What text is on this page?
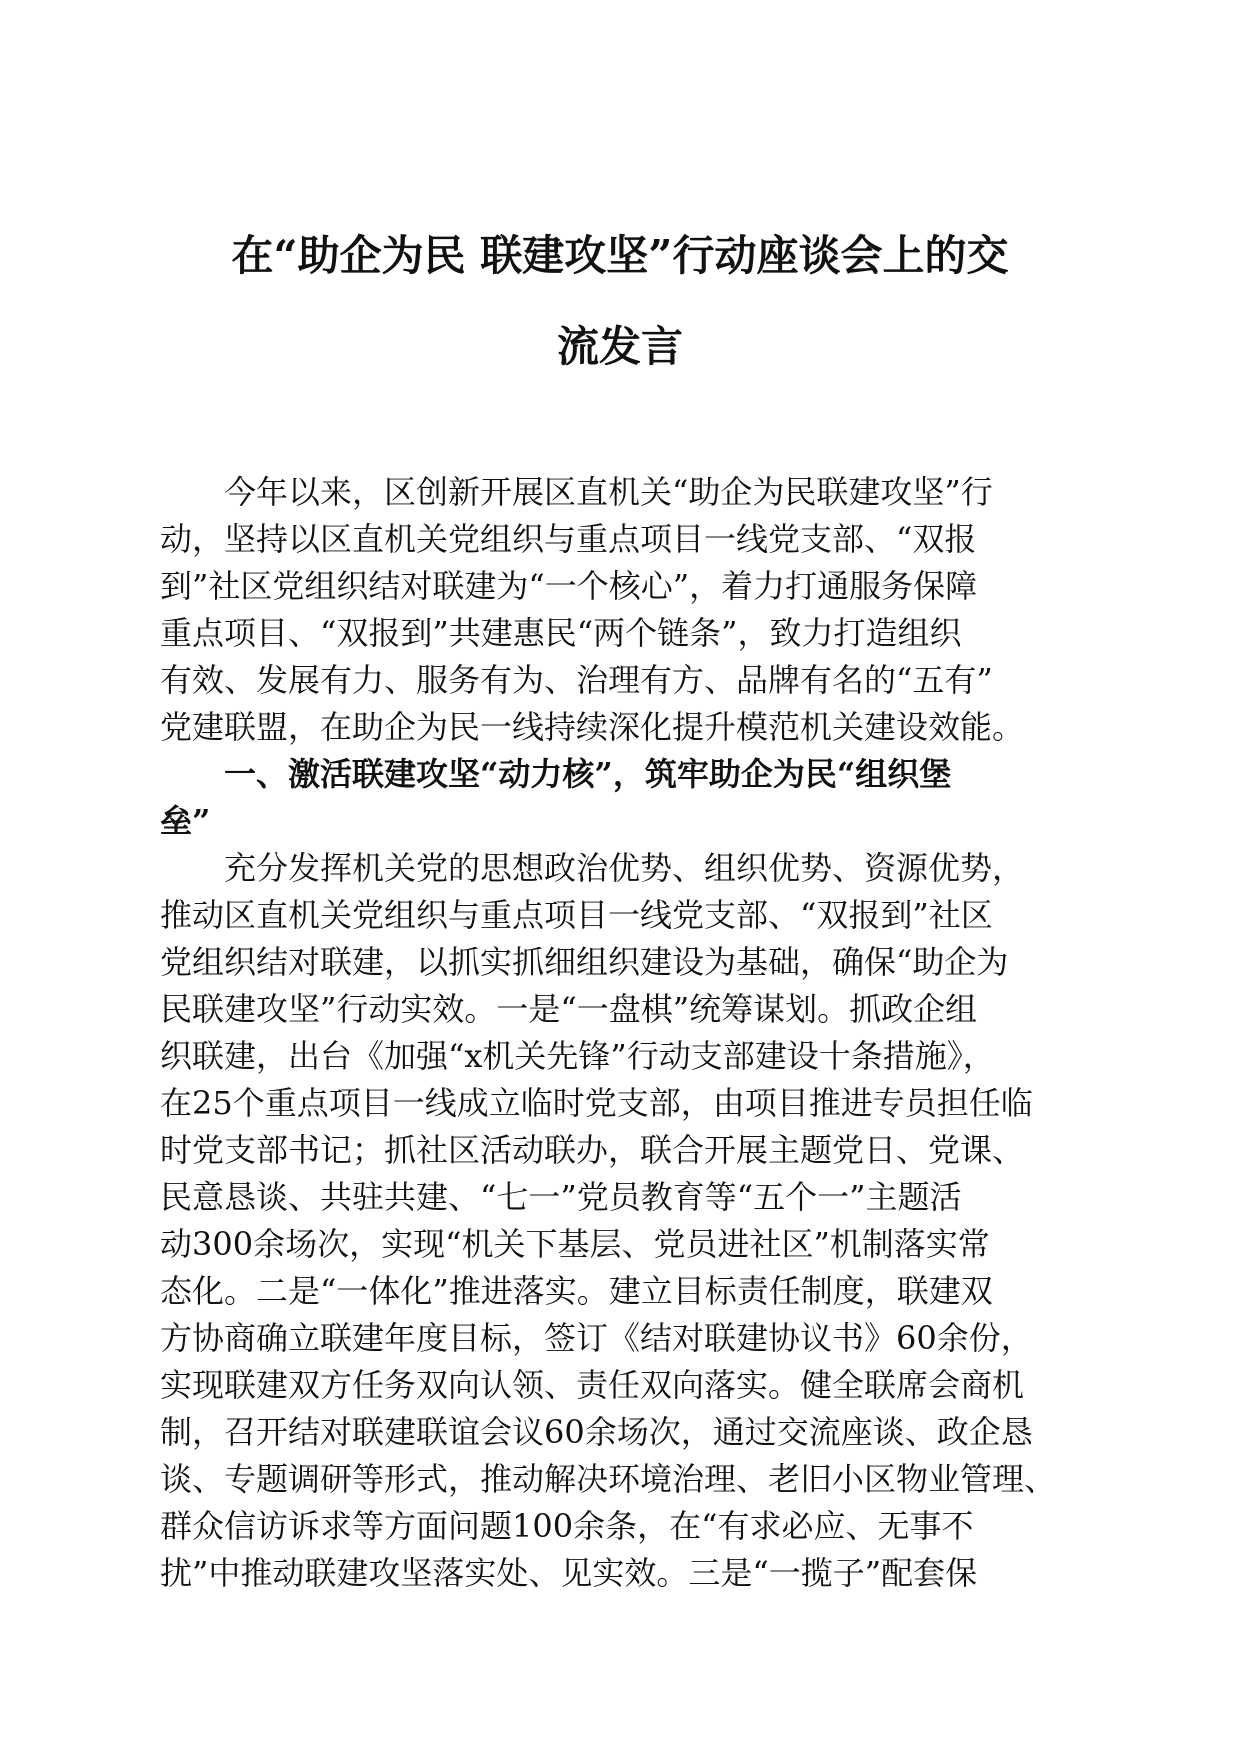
在“助企为民 联建攻坚”行动座谈会上的交
流发言
今年以来，区创新开展区直机关“助企为民联建攻坚”行
动，坚持以区直机关党组织与重点项目一线党支部、“双报
到”社区党组织结对联建为“一个核心”，着力打通服务保障
重点项目、“双报到”共建惠民“两个链条”，致力打造组织
有效、发展有力、服务有为、治理有方、品牌有名的“五有”
党建联盟，在助企为民一线持续深化提升模范机关建设效能。
一、激活联建攻坚“动力核”，筑牢助企为民“组织堡
垒”
充分发挥机关党的思想政治优势、组织优势、资源优势，
推动区直机关党组织与重点项目一线党支部、“双报到”社区
党组织结对联建，以抓实抓细组织建设为基础，确保“助企为
民联建攻坚”行动实效。一是“一盘棋”统筹谋划。抓政企组
织联建，出台《加强“x机关先锋”行动支部建设十条措施》，
在25个重点项目一线成立临时党支部，由项目推进专员担任临
时党支部书记；抓社区活动联办，联合开展主题党日、党课、
民意恳谈、共驻共建、“七一”党员教育等“五个一”主题活
动300余场次，实现“机关下基层、党员进社区”机制落实常
态化。二是“一体化”推进落实。建立目标责任制度，联建双
方协商确立联建年度目标，签订《结对联建协议书》60余份，
实现联建双方任务双向认领、责任双向落实。健全联席会商机
制，召开结对联建联谊会议60余场次，通过交流座谈、政企恳
谈、专题调研等形式，推动解决环境治理、老旧小区物业管理、
群众信访诉求等方面问题100余条，在“有求必应、无事不
扰”中推动联建攻坚落实处、见实效。三是“一揽子”配套保
